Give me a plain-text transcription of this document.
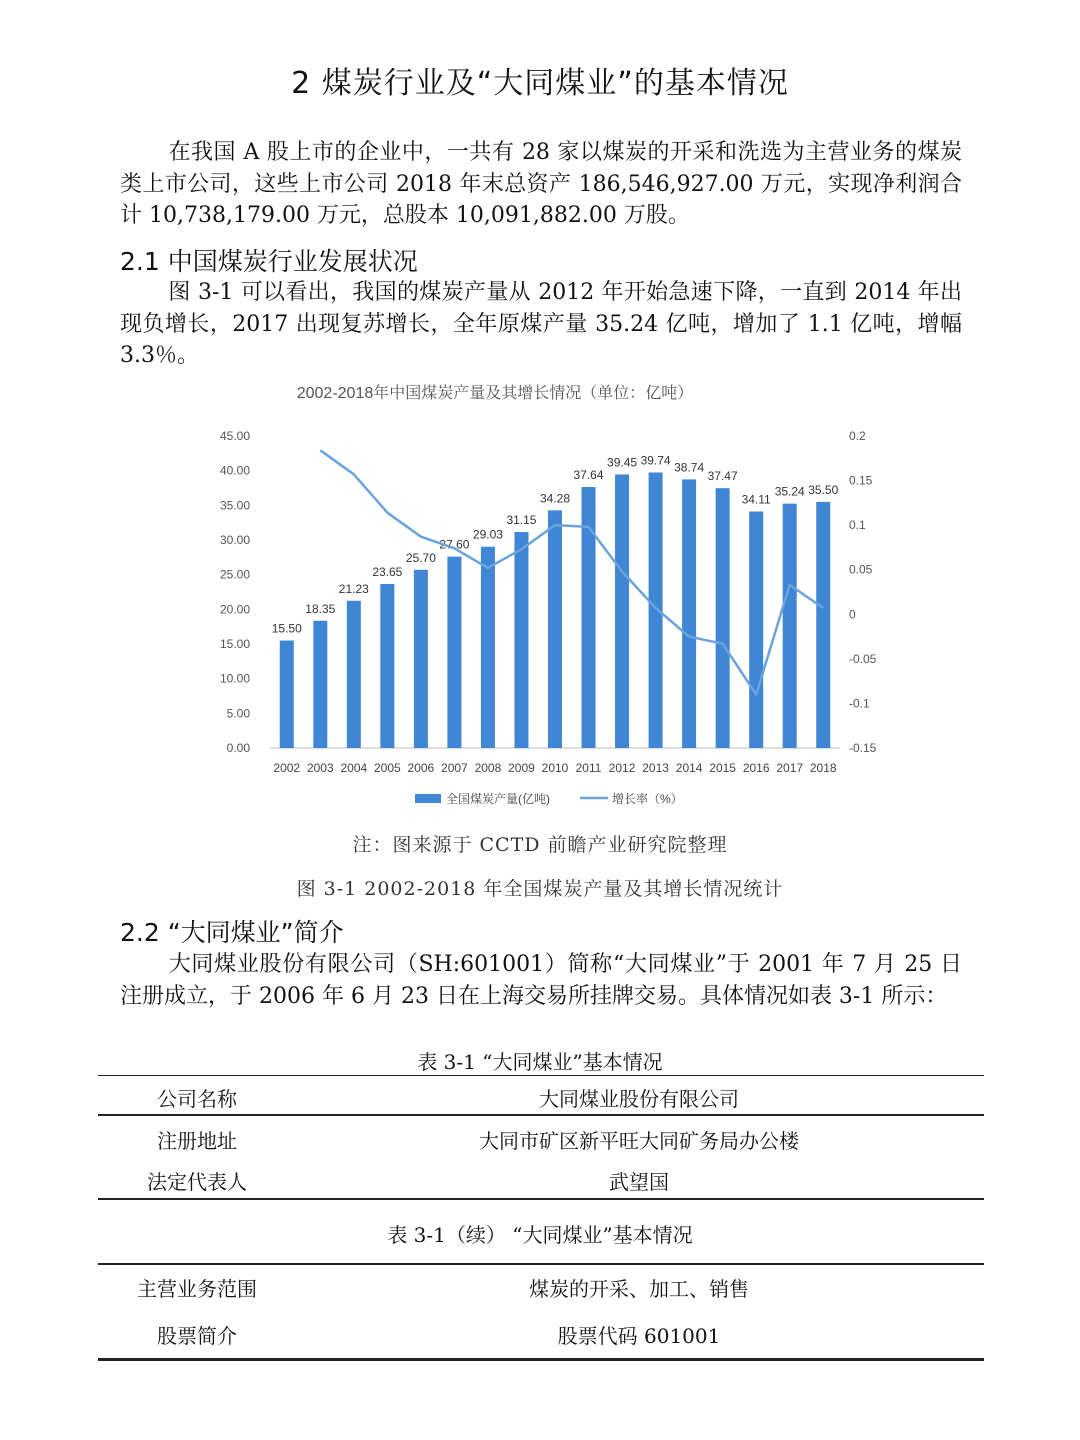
2 煤炭行业及“大同煤业”的基本情况
在我国 A 股上市的企业中，一共有 28 家以煤炭的开采和洗选为主营业务的煤炭类上市公司，这些上市公司 2018 年末总资产 186,546,927.00 万元，实现净利润合计 10,738,179.00 万元，总股本 10,091,882.00 万股。
2.1 中国煤炭行业发展状况
图 3-1 可以看出，我国的煤炭产量从 2012 年开始急速下降，一直到 2014 年出现负增长，2017 出现复苏增长，全年原煤产量 35.24 亿吨，增加了 1.1 亿吨，增幅 3.3％。
2002-2018年中国煤炭产量及其增长情况（单位：亿吨）
0.00
5.00
10.00
15.00
20.00
25.00
30.00
35.00
40.00
45.00
-0.15
-0.1
-0.05
0
0.05
0.1
0.15
0.2
15.50
18.35
21.23
23.65
25.70
27.60
29.03
31.15
34.28
37.64
39.45 39.74 38.74
37.47
34.11
35.24 35.50
2002 2003 2004 2005 2006 2007 2008 2009 2010 2011 2012 2013 2014 2015 2016 2017 2018
全国煤炭产量(亿吨)	增长率（%）
注：图来源于 CCTD 前瞻产业研究院整理
图 3-1 2002-2018 年全国煤炭产量及其增长情况统计
2.2 “大同煤业”简介
大同煤业股份有限公司（SH:601001）简称“大同煤业”于 2001 年 7 月 25 日注册成立，于 2006 年 6 月 23 日在上海交易所挂牌交易。具体情况如表 3-1 所示：
表 3-1 “大同煤业”基本情况
公司名称	大同煤业股份有限公司
注册地址	大同市矿区新平旺大同矿务局办公楼
法定代表人	武望国
表 3-1（续） “大同煤业”基本情况
主营业务范围	煤炭的开采、加工、销售
股票简介	股票代码 601001
